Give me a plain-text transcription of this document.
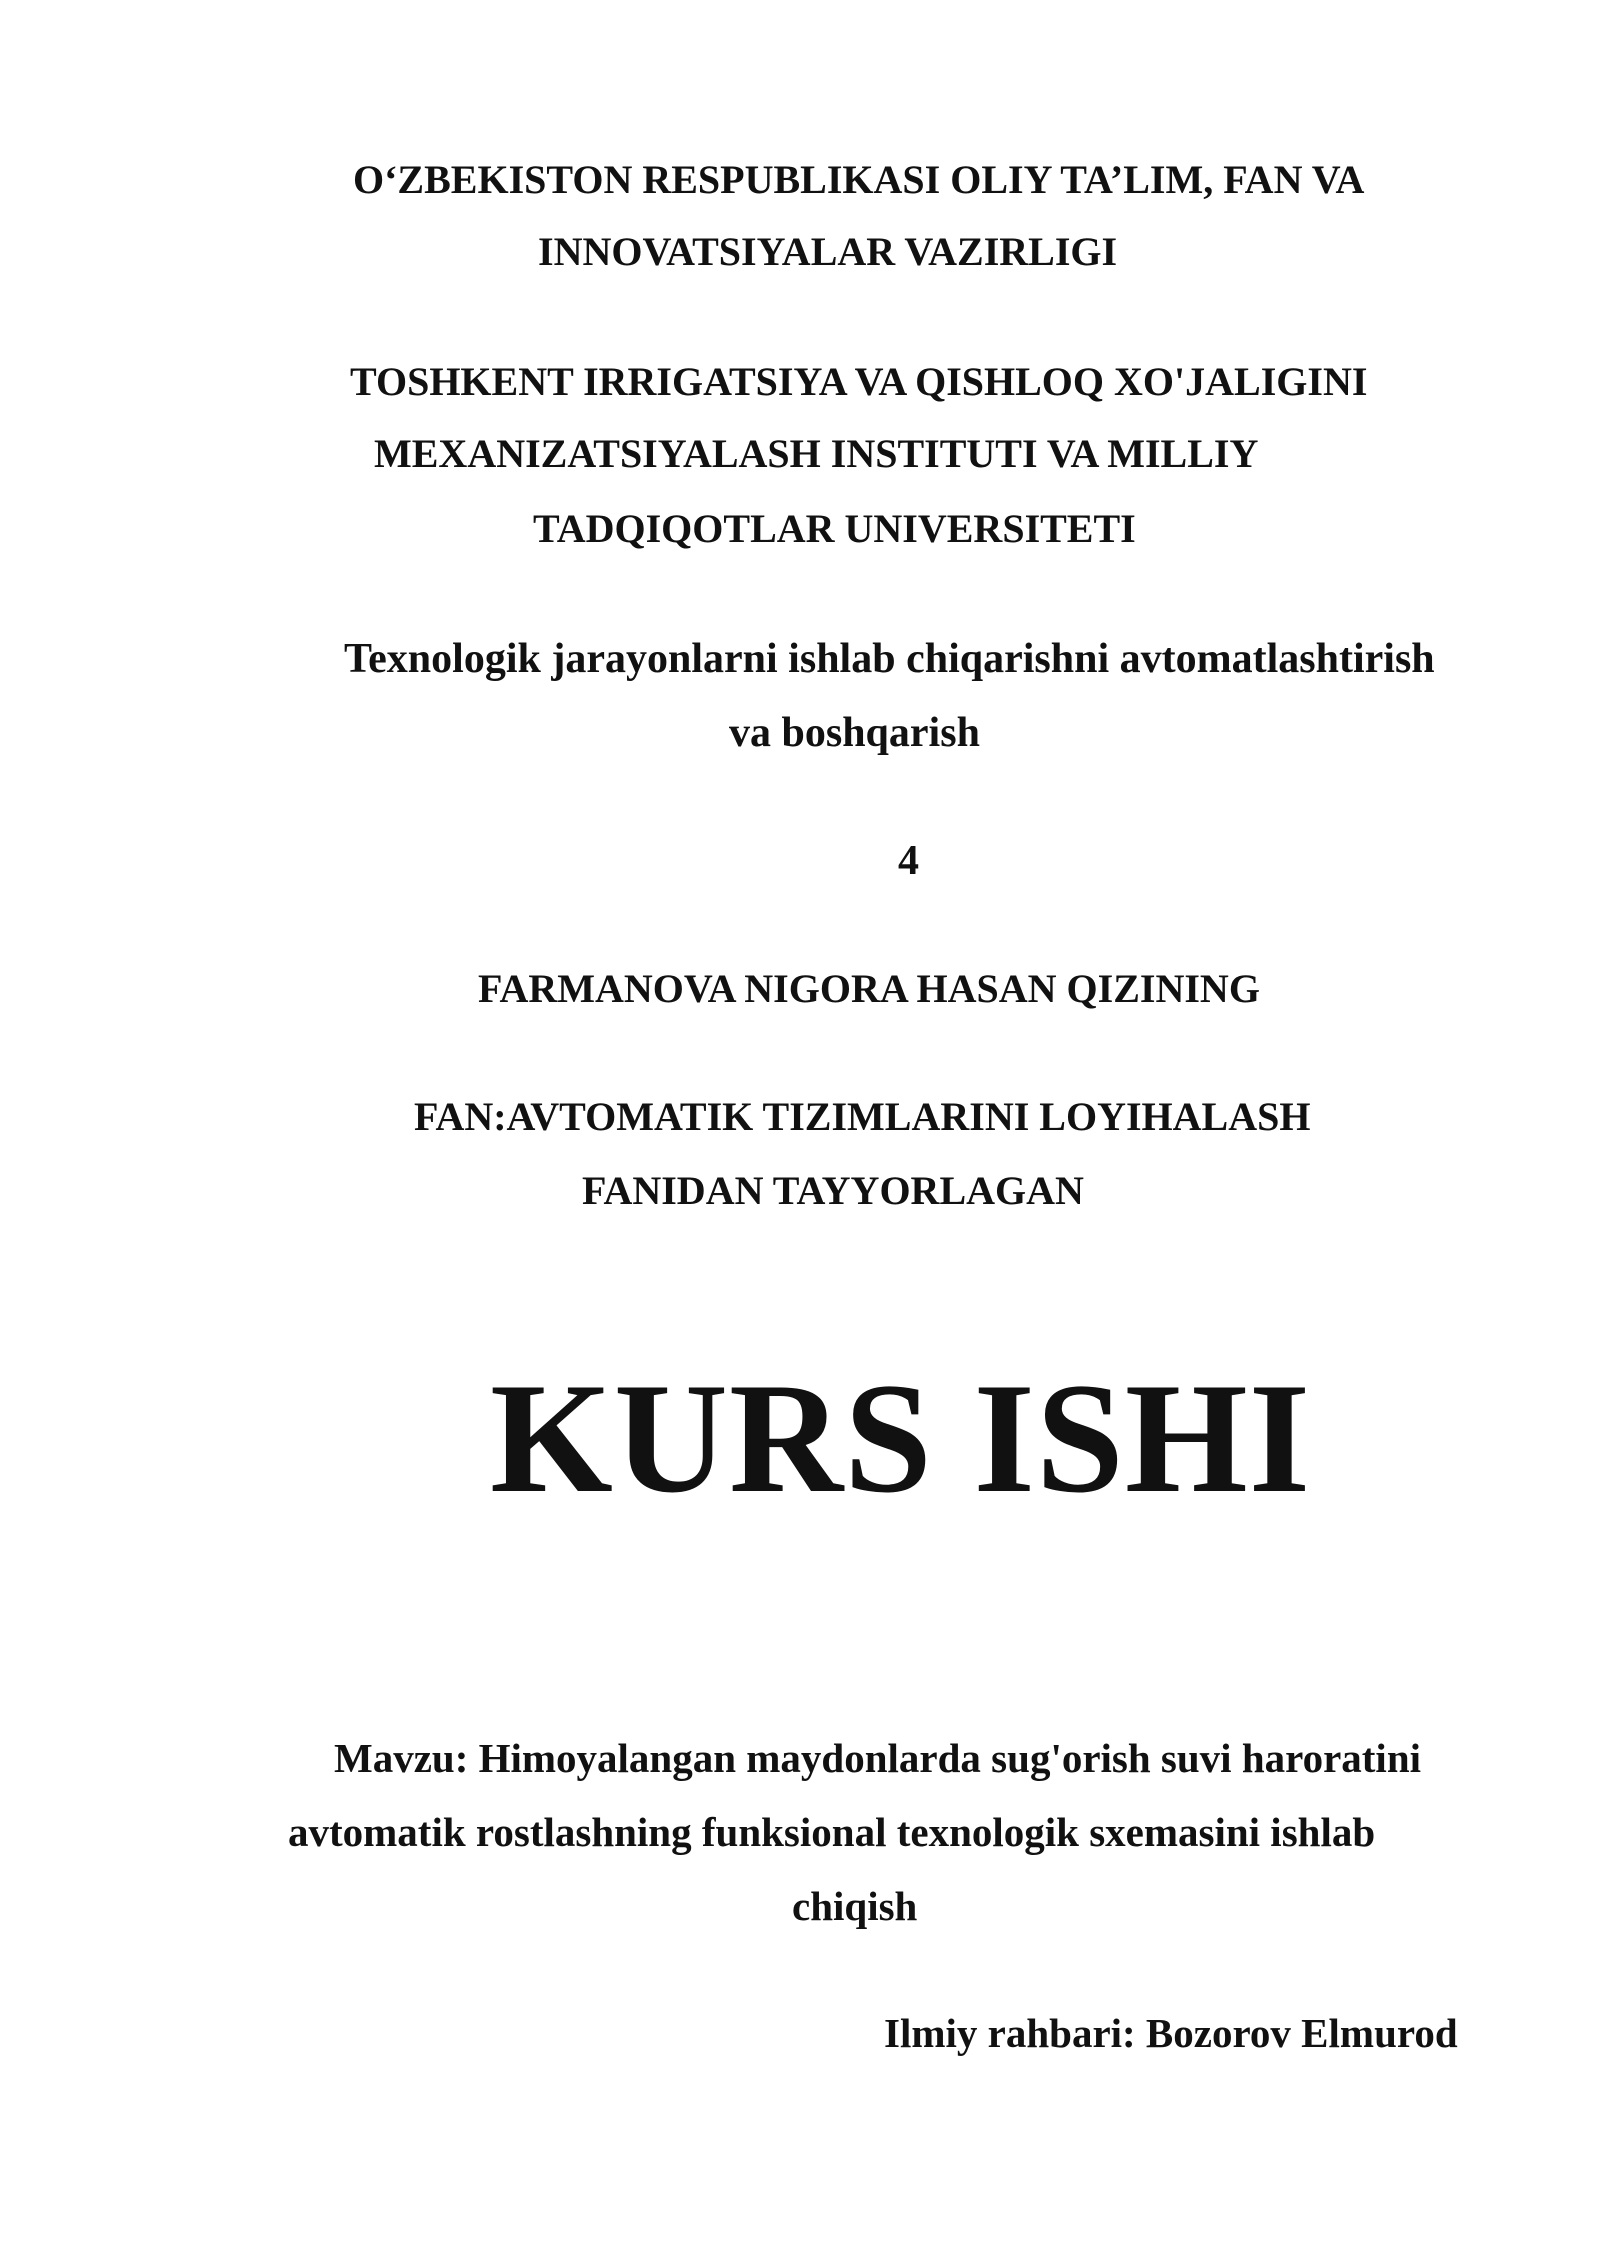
O‘ZBEKISTON RESPUBLIKASI OLIY TA’LIM, FAN VA
INNOVATSIYALAR VAZIRLIGI
TOSHKENT IRRIGATSIYA VA QISHLOQ XO'JALIGINI
MEXANIZATSIYALASH INSTITUTI VA MILLIY
TADQIQOTLAR UNIVERSITETI
Texnologik jarayonlarni ishlab chiqarishni avtomatlashtirish
va boshqarish
4
FARMANOVA NIGORA HASAN QIZINING
FAN:AVTOMATIK TIZIMLARINI LOYIHALASH
FANIDAN TAYYORLAGAN
KURS ISHI
Mavzu: Himoyalangan maydonlarda sug'orish suvi haroratini
avtomatik rostlashning funksional texnologik sxemasini ishlab
chiqish
Ilmiy rahbari: Bozorov Elmurod
